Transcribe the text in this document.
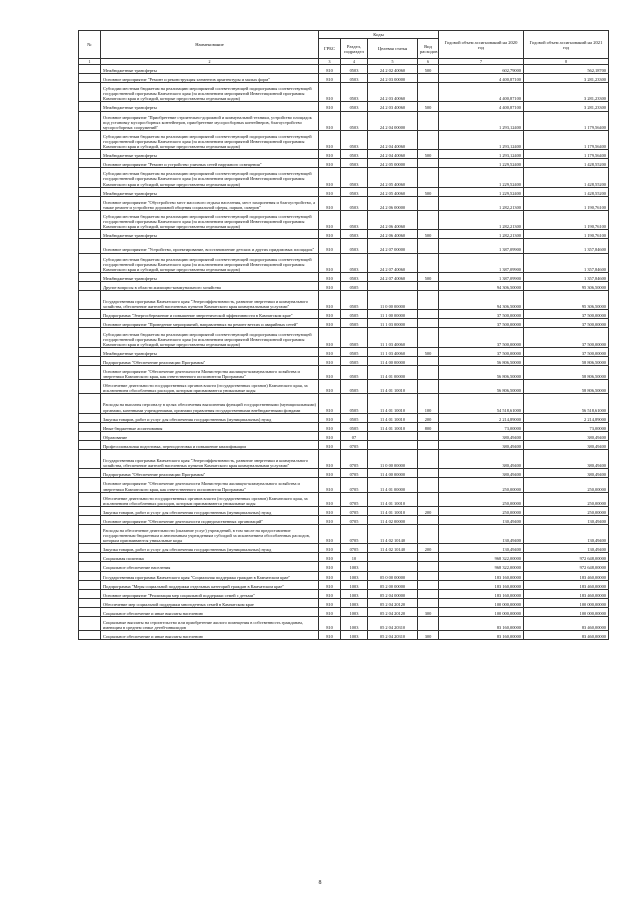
№	Наименование	Коды				Годовой объем ассигнований на 2020 год	Годовой объем ассигнований на 2021 год
		ГРБС	Раздел, подраздел	Целевая статья	Вид расходов		
1	2	3	4	5	6	7	8
	Межбюджетные трансферты	810	0503	24 2 02 40060	500	602,79000	562,18700
	Основное мероприятие "Ремонт и реконструкция элементов архитектуры и малых форм"	810	0503	24 2 03 00000		4 400,87100	3 281,23300
	Субсидии местным бюджетам на реализацию мероприятий соответствующей подпрограммы соответствующей государственной программы Камчатского края (за исключением мероприятий Инвестиционной программы Камчатского края и субсидий, которые предоставлены отдельным кодом)	810	0503	24 2 03 40060		4 400,87100	3 281,23300
	Межбюджетные трансферты	810	0503	24 2 03 40060	500	4 400,87100	3 281,23300
	Основное мероприятие "Приобретение строительно-дорожной и коммунальной техники, устройство площадок под установку мусоросборных контейнеров, приобретение мусоросборных контейнеров, благоустройство мусоросборных сооружений"	810	0503	24 2 04 00000		1 293,12400	1 179,56400
	Субсидии местным бюджетам на реализацию мероприятий соответствующей подпрограммы соответствующей государственной программы Камчатского края (за исключением мероприятий Инвестиционной программы Камчатского края и субсидий, которые предоставлены отдельным кодом)	810	0503	24 2 04 40060		1 293,12400	1 179,56400
	Межбюджетные трансферты	810	0503	24 2 04 40060	500	1 293,12400	1 179,56400
	Основное мероприятие "Ремонт и устройство уличных сетей наружного освещения"	810	0503	24 2 05 00000		1 229,52400	1 428,55200
	Субсидии местным бюджетам на реализацию мероприятий соответствующей подпрограммы соответствующей государственной программы Камчатского края (за исключением мероприятий Инвестиционной программы Камчатского края и субсидий, которые предоставлены отдельным кодом)	810	0503	24 2 05 40060		1 229,52400	1 428,55200
	Межбюджетные трансферты	810	0503	24 2 05 40060	500	1 229,52400	1 428,55200
	Основное мероприятие "Обустройство мест массового отдыха населения, мест захоронения и благоустройство, а также ремонт и устройство дорожной общения социальной сферы, парков, скверов"	810	0503	24 2 06 00000		1 282,21300	1 190,76100
	Субсидии местным бюджетам на реализацию мероприятий соответствующей подпрограммы соответствующей государственной программы Камчатского края (за исключением мероприятий Инвестиционной программы Камчатского края и субсидий, которые предоставлены отдельным кодом)	810	0503	24 2 06 40060		1 282,21300	1 190,76100
	Межбюджетные трансферты	810	0503	24 2 06 40060	500	1 282,21300	1 190,76100
	Основное мероприятие "Устройство, проектирование, восстановление детских и других придомовых площадок"	810	0503	24 2 07 00000		1 387,09900	1 357,84600
	Субсидии местным бюджетам на реализацию мероприятий соответствующей подпрограммы соответствующей государственной программы Камчатского края (за исключением мероприятий Инвестиционной программы Камчатского края и субсидий, которые предоставлены отдельным кодом)	810	0503	24 2 07 40060		1 387,09900	1 357,84600
	Межбюджетные трансферты	810	0503	24 2 07 40060	500	1 387,09900	1 357,84600
	Другие вопросы в области жилищно-коммунального хозяйства	810	0505			94 306,50000	95 306,50000
	Государственная программа Камчатского края "Энергоэффективность, развитие энергетики и коммунального хозяйства, обеспечение жителей населенных пунктов Камчатского края коммунальными услугами"	810	0505	11 0 00 00000		94 306,50000	95 306,50000
	Подпрограмма "Энергосбережение и повышение энергетической эффективности в Камчатском крае"	810	0505	11 1 00 00000		37 500,00000	37 500,00000
	Основное мероприятие "Проведение мероприятий, направленных на ремонт ветхих и аварийных сетей"	810	0505	11 1 03 00000		37 500,00000	37 500,00000
	Субсидии местным бюджетам на реализацию мероприятий соответствующей подпрограммы соответствующей государственной программы Камчатского края (за исключением мероприятий Инвестиционной программы Камчатского края и субсидий, которые предоставлены отдельным кодом)	810	0505	11 1 03 40060		37 500,00000	37 500,00000
	Межбюджетные трансферты	810	0505	11 1 03 40060	500	37 500,00000	37 500,00000
	Подпрограмма "Обеспечение реализации Программы"	810	0505	11 4 00 00000		56 806,50000	58 806,50000
	Основное мероприятие "Обеспечение деятельности Министерства жилищно-коммунального хозяйства и энергетики Камчатского края, как ответственного исполнителя Программы"	810	0505	11 4 01 00000		56 806,50000	58 806,50000
	Обеспечение деятельности государственных органов власти (государственных органов) Камчатского края, за исключением обособленных расходов, которым присваиваются уникальные коды	810	0505	11 4 01 10010		56 806,50000	58 806,50000
	Расходы на выплаты персоналу в целях обеспечения выполнения функций государственными (муниципальными) органами, казенными учреждениями, органами управления государственными внебюджетными фондами	810	0505	11 4 01 10010	100	54 518,61000	56 518,61000
	Закупка товаров, работ и услуг для обеспечения государственных (муниципальных) нужд	810	0505	11 4 01 10010	200	2 214,89000	2 214,89000
	Иные бюджетные ассигнования	810	0505	11 4 01 10010	800	73,00000	73,00000
	Образование	810	07			380,49400	380,49400
	Профессиональная подготовка, переподготовка и повышение квалификации	810	0705			380,49400	380,49400
	Государственная программа Камчатского края "Энергоэффективность, развитие энергетики и коммунального хозяйства, обеспечение жителей населенных пунктов Камчатского края коммунальными услугами"	810	0705	11 0 00 00000		380,49400	380,49400
	Подпрограмма "Обеспечение реализации Программы"	810	0705	11 4 00 00000		380,49400	380,49400
	Основное мероприятие "Обеспечение деятельности Министерства жилищно-коммунального хозяйства и энергетики Камчатского края, как ответственного исполнителя Программы"	810	0705	11 4 01 00000		250,00000	250,00000
	Обеспечение деятельности государственных органов власти (государственных органов) Камчатского края, за исключением обособленных расходов, которым присваиваются уникальные коды	810	0705	11 4 01 10010		250,00000	250,00000
	Закупка товаров, работ и услуг для обеспечения государственных (муниципальных) нужд	810	0705	11 4 01 10010	200	250,00000	250,00000
	Основное мероприятие "Обеспечение деятельности подведомственных организаций"	810	0705	11 4 02 00000		130,49400	130,49400
	Расходы на обеспечение деятельности (оказание услуг) учреждений, в том числе на предоставление государственным бюджетным и автономным учреждениям субсидий за исключением обособленных расходов, которым присваиваются уникальные коды	810	0705	11 4 02 10140		130,49400	130,49400
	Закупка товаров, работ и услуг для обеспечения государственных (муниципальных) нужд	810	0705	11 4 02 10140	200	130,49400	130,49400
	Социальная политика	810	10			968 322,00000	972 648,00000
	Социальное обеспечение населения	810	1003			968 322,00000	972 648,00000
	Государственная программа Камчатского края "Социальная поддержка граждан в Камчатском крае"	810	1003	05 0 00 00000		183 160,00000	183 460,00000
	Подпрограмма "Меры социальной поддержки отдельных категорий граждан в Камчатском крае"	810	1003	05 2 00 00000		183 160,00000	183 460,00000
	Основное мероприятие "Реализация мер социальной поддержки семей с детьми"	810	1003	05 2 04 00000		183 160,00000	183 460,00000
	Обеспечение мер социальной поддержки многодетных семей в Камчатском крае	810	1003	05 2 04 20120		100 000,00000	100 000,00000
	Социальное обеспечение и иные выплаты населению	810	1003	05 2 04 20120	300	100 000,00000	100 000,00000
	Социальные выплаты на строительство или приобретение жилого помещения в собственность гражданам, имеющим в среднем семье детей-инвалидов	810	1003	05 2 04 20310		83 160,00000	83 460,00000
	Социальное обеспечение и иные выплаты населению	810	1003	05 2 04 20310	300	83 160,00000	83 460,00000
8
